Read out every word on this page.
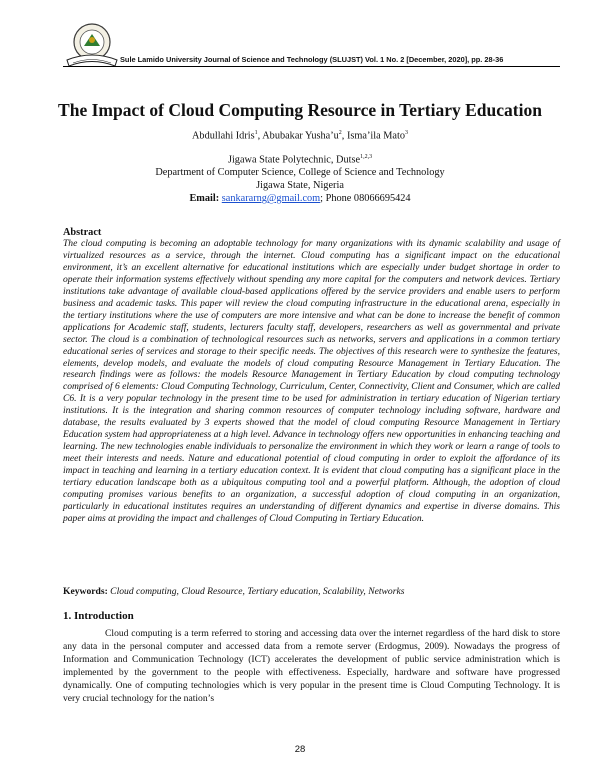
Sule Lamido University Journal of Science and Technology (SLUJST) Vol. 1 No. 2 [December, 2020], pp. 28-36
The Impact of Cloud Computing Resource in Tertiary Education
Abdullahi Idris$^1$, Abubakar $Yusha’u^2$, Isma’ila Mato$^3$
Jigawa State Polytechnic, Dutse$^{1,2,3}$
Department of Computer Science, College of Science and Technology
Jigawa State, Nigeria
Email: sankararng@gmail.com; Phone 08066695424
Abstract
The cloud computing is becoming an adoptable technology for many organizations with its dynamic scalability and usage of virtualized resources as a service, through the internet. Cloud computing has a significant impact on the educational environment, it’s an excellent alternative for educational institutions which are especially under budget shortage in order to operate their information systems effectively without spending any more capital for the computers and network devices. Tertiary institutions take advantage of available cloud-based applications offered by the service providers and enable users to perform business and academic tasks. This paper will review the cloud computing infrastructure in the educational arena, especially in the tertiary institutions where the use of computers are more intensive and what can be done to increase the benefit of common applications for Academic staff, students, lecturers faculty staff, developers, researchers as well as governmental and private sector. The cloud is a combination of technological resources such as networks, servers and applications in a common tertiary educational series of services and storage to their specific needs. The objectives of this research were to synthesize the features, elements, develop models, and evaluate the models of cloud computing Resource Management in Tertiary Education. The research findings were as follows: the models Resource Management in Tertiary Education by cloud computing technology comprised of 6 elements: Cloud Computing Technology, Curriculum, Center, Connectivity, Client and Consumer, which are called C6. It is a very popular technology in the present time to be used for administration in tertiary education of Nigerian tertiary institutions. It is the integration and sharing common resources of computer technology including software, hardware and database, the results evaluated by 3 experts showed that the model of cloud computing Resource Management in Tertiary Education system had appropriateness at a high level. Advance in technology offers new opportunities in enhancing teaching and learning. The new technologies enable individuals to personalize the environment in which they work or learn a range of tools to meet their interests and needs. Nature and educational potential of cloud computing in order to exploit the affordance of its impact in teaching and learning in a tertiary education context. It is evident that cloud computing has a significant place in the tertiary education landscape both as a ubiquitous computing tool and a powerful platform. Although, the adoption of cloud computing promises various benefits to an organization, a successful adoption of cloud computing in an organization, particularly in educational institutes requires an understanding of different dynamics and expertise in diverse domains. This paper aims at providing the impact and challenges of Cloud Computing in Tertiary Education.
Keywords: Cloud computing, Cloud Resource, Tertiary education, Scalability, Networks
1. Introduction
Cloud computing is a term referred to storing and accessing data over the internet regardless of the hard disk to store any data in the personal computer and accessed data from a remote server (Erdogmus, 2009). Nowadays the progress of Information and Communication Technology (ICT) accelerates the development of public service administration which is implemented by the government to the people with effectiveness. Especially, hardware and software have progressed dynamically. One of computing technologies which is very popular in the present time is Cloud Computing Technology. It is very crucial technology for the nation’s
28
